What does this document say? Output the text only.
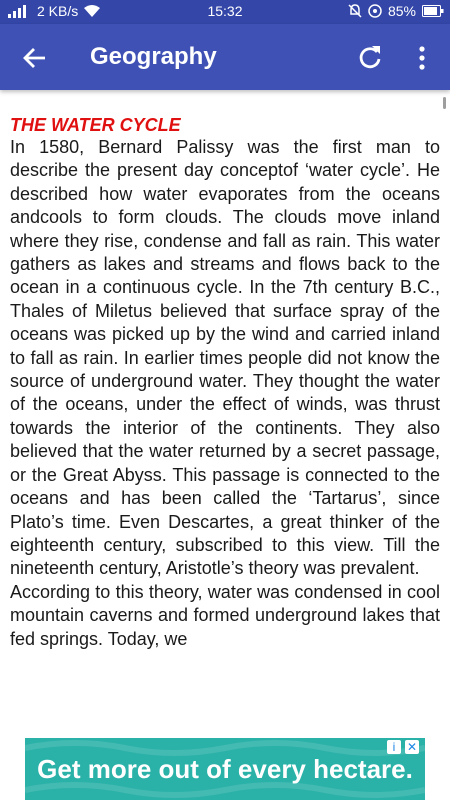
2 KB/s	15:32	85%
Geography
THE WATER CYCLE

In 1580, Bernard Palissy was the first man to describe the present day conceptof ‘water cycle’. He described how water evaporates from the oceans andcools to form clouds. The clouds move inland where they rise, condense and fall as rain. This water gathers as lakes and streams and flows back to the ocean in a continuous cycle. In the 7th century B.C., Thales of Miletus believed that surface spray of the oceans was picked up by the wind and carried inland to fall as rain. In earlier times people did not know the source of underground water. They thought the water of the oceans, under the effect of winds, was thrust towards the interior of the continents. They also believed that the water returned by a secret passage, or the Great Abyss. This passage is connected to the oceans and has been called the ‘Tartarus’, since Plato’s time. Even Descartes, a great thinker of the eighteenth century, subscribed to this view. Till the nineteenth century, Aristotle’s theory was prevalent.

According to this theory, water was condensed in cool mountain caverns and formed underground lakes that fed springs. Today, we

Get more out of every hectare.
i ✕
